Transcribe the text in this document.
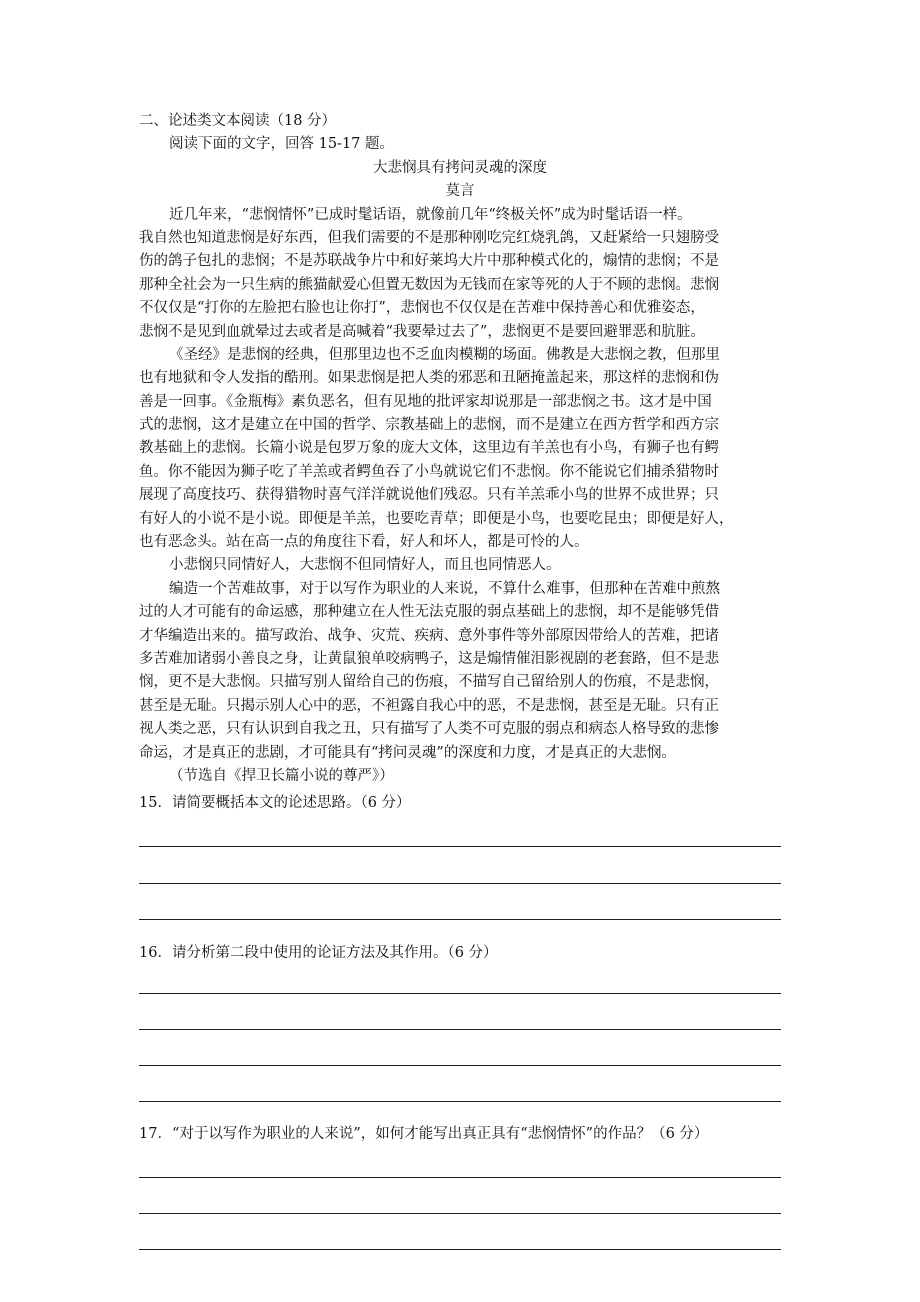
二、论述类文本阅读（18 分）
阅读下面的文字，回答 15-17 题。
大悲悯具有拷问灵魂的深度
莫言
近几年来，“悲悯情怀”已成时髦话语，就像前几年“终极关怀”成为时髦话语一样。
我自然也知道悲悯是好东西，但我们需要的不是那种刚吃完红烧乳鸽，又赶紧给一只翅膀受
伤的鸽子包扎的悲悯；不是苏联战争片中和好莱坞大片中那种模式化的，煽情的悲悯；不是
那种全社会为一只生病的熊猫献爱心但置无数因为无钱而在家等死的人于不顾的悲悯。悲悯
不仅仅是“打你的左脸把右脸也让你打”，悲悯也不仅仅是在苦难中保持善心和优雅姿态，
悲悯不是见到血就晕过去或者是高喊着“我要晕过去了”，悲悯更不是要回避罪恶和肮脏。
《圣经》是悲悯的经典，但那里边也不乏血肉模糊的场面。佛教是大悲悯之教，但那里
也有地狱和令人发指的酷刑。如果悲悯是把人类的邪恶和丑陋掩盖起来，那这样的悲悯和伪
善是一回事。《金瓶梅》素负恶名，但有见地的批评家却说那是一部悲悯之书。这才是中国
式的悲悯，这才是建立在中国的哲学、宗教基础上的悲悯，而不是建立在西方哲学和西方宗
教基础上的悲悯。长篇小说是包罗万象的庞大文体，这里边有羊羔也有小鸟，有狮子也有鳄
鱼。你不能因为狮子吃了羊羔或者鳄鱼吞了小鸟就说它们不悲悯。你不能说它们捕杀猎物时
展现了高度技巧、获得猎物时喜气洋洋就说他们残忍。只有羊羔乖小鸟的世界不成世界；只
有好人的小说不是小说。即便是羊羔，也要吃青草；即便是小鸟，也要吃昆虫；即便是好人，
也有恶念头。站在高一点的角度往下看，好人和坏人，都是可怜的人。
小悲悯只同情好人，大悲悯不但同情好人，而且也同情恶人。
编造一个苦难故事，对于以写作为职业的人来说，不算什么难事，但那种在苦难中煎熬
过的人才可能有的命运感，那种建立在人性无法克服的弱点基础上的悲悯，却不是能够凭借
才华编造出来的。描写政治、战争、灾荒、疾病、意外事件等外部原因带给人的苦难，把诸
多苦难加诸弱小善良之身，让黄鼠狼单咬病鸭子，这是煽情催泪影视剧的老套路，但不是悲
悯，更不是大悲悯。只描写别人留给自己的伤痕，不描写自己留给别人的伤痕，不是悲悯，
甚至是无耻。只揭示别人心中的恶，不袒露自我心中的恶，不是悲悯，甚至是无耻。只有正
视人类之恶，只有认识到自我之丑，只有描写了人类不可克服的弱点和病态人格导致的悲惨
命运，才是真正的悲剧，才可能具有“拷问灵魂”的深度和力度，才是真正的大悲悯。
（节选自《捍卫长篇小说的尊严》）
15．请简要概括本文的论述思路。（6 分）
16．请分析第二段中使用的论证方法及其作用。（6 分）
17．“对于以写作为职业的人来说”，如何才能写出真正具有“悲悯情怀”的作品？（6 分）
